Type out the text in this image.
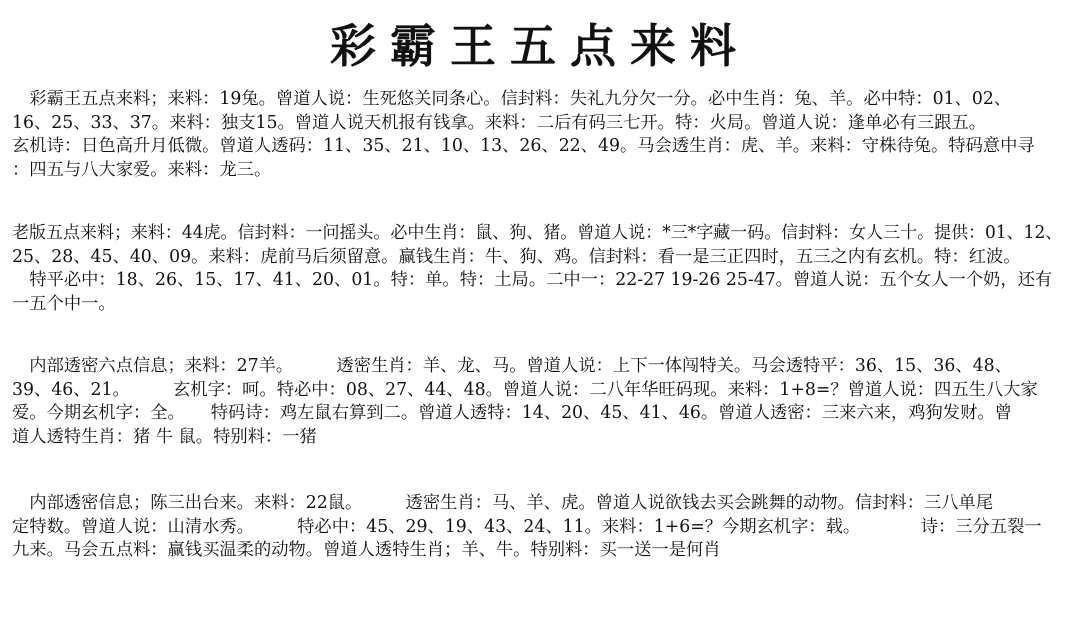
彩霸王五点来料
　彩霸王五点来料；来料：19兔。曾道人说：生死悠关同条心。信封料：失礼九分欠一分。必中生肖：兔、羊。必中特：01、02、
16、25、33、37。来料：独支15。曾道人说天机报有钱拿。来料：二后有码三七开。特：火局。曾道人说：逢单必有三跟五。
玄机诗：日色高升月低微。曾道人透码：11、35、21、10、13、26、22、49。马会透生肖：虎、羊。来料：守株待兔。特码意中寻
：四五与八大家爱。来料：龙三。
老版五点来料；来料：44虎。信封料：一问摇头。必中生肖：鼠、狗、猪。曾道人说：*三*字藏一码。信封料：女人三十。提供：01、12、
25、28、45、40、09。来料：虎前马后须留意。赢钱生肖：牛、狗、鸡。信封料：看一是三正四时，五三之内有玄机。特：红波。
　特平必中：18、26、15、17、41、20、01。特：单。特：土局。二中一：22-27 19-26 25-47。曾道人说：五个女人一个奶，还有
一五个中一。
　内部透密六点信息；来料：27羊。　　　透密生肖：羊、龙、马。曾道人说：上下一体闯特关。马会透特平：36、15、36、48、
39、46、21。　　　玄机字：呵。特必中：08、27、44、48。曾道人说：二八年华旺码现。来料：1+8=？曾道人说：四五生八大家
爱。今期玄机字：全。　　特码诗：鸡左鼠右算到二。曾道人透特：14、20、45、41、46。曾道人透密：三来六来，鸡狗发财。曾
道人透特生肖：猪 牛 鼠。特别料：一猪
　内部透密信息；陈三出台来。来料：22鼠。　　　透密生肖：马、羊、虎。曾道人说欲钱去买会跳舞的动物。信封料：三八单尾
定特数。曾道人说：山清水秀。　　　特必中：45、29、19、43、24、11。来料：1+6=？今期玄机字：载。　　　　诗：三分五裂一
九来。马会五点料：赢钱买温柔的动物。曾道人透特生肖；羊、牛。特别料：买一送一是何肖
